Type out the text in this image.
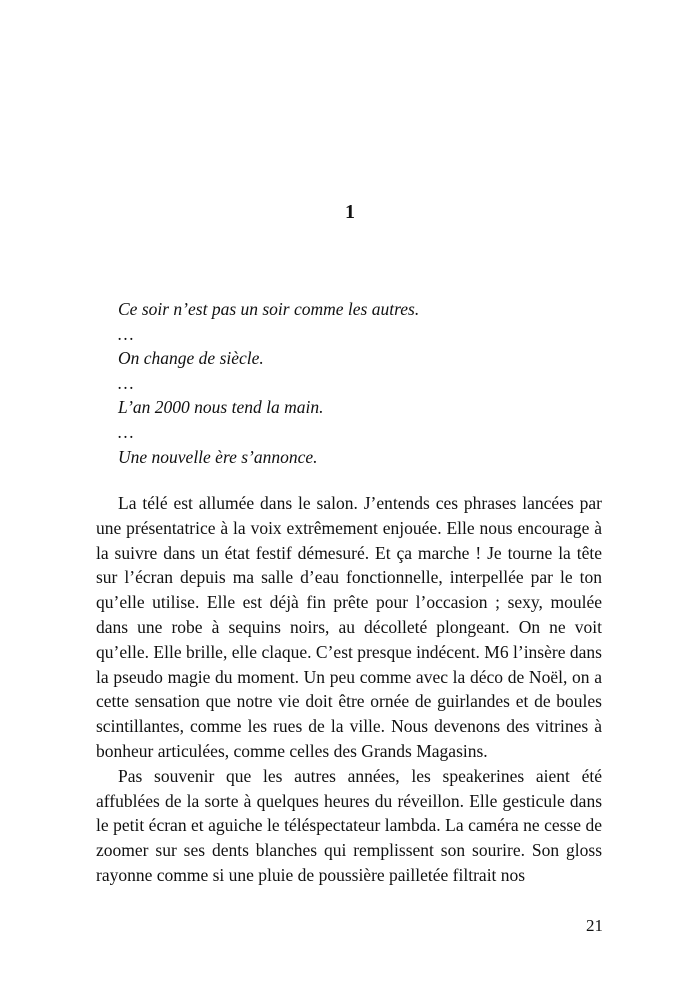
1
Ce soir n’est pas un soir comme les autres.
…
On change de siècle.
…
L’an 2000 nous tend la main.
…
Une nouvelle ère s’annonce.

La télé est allumée dans le salon. J’entends ces phrases lancées par une présentatrice à la voix extrêmement enjouée. Elle nous encourage à la suivre dans un état festif démesuré. Et ça marche ! Je tourne la tête sur l’écran depuis ma salle d’eau fonctionnelle, interpellée par le ton qu’elle utilise. Elle est déjà fin prête pour l’occasion ; sexy, moulée dans une robe à sequins noirs, au décolleté plongeant. On ne voit qu’elle. Elle brille, elle claque. C’est presque indécent. M6 l’insère dans la pseudo magie du moment. Un peu comme avec la déco de Noël, on a cette sensation que notre vie doit être ornée de guirlandes et de boules scintillantes, comme les rues de la ville. Nous devenons des vitrines à bonheur articulées, comme celles des Grands Magasins.

Pas souvenir que les autres années, les speakerines aient été affublées de la sorte à quelques heures du réveillon. Elle gesticule dans le petit écran et aguiche le téléspectateur lambda. La caméra ne cesse de zoomer sur ses dents blanches qui remplissent son sourire. Son gloss rayonne comme si une pluie de poussière pailletée filtrait nos

21
